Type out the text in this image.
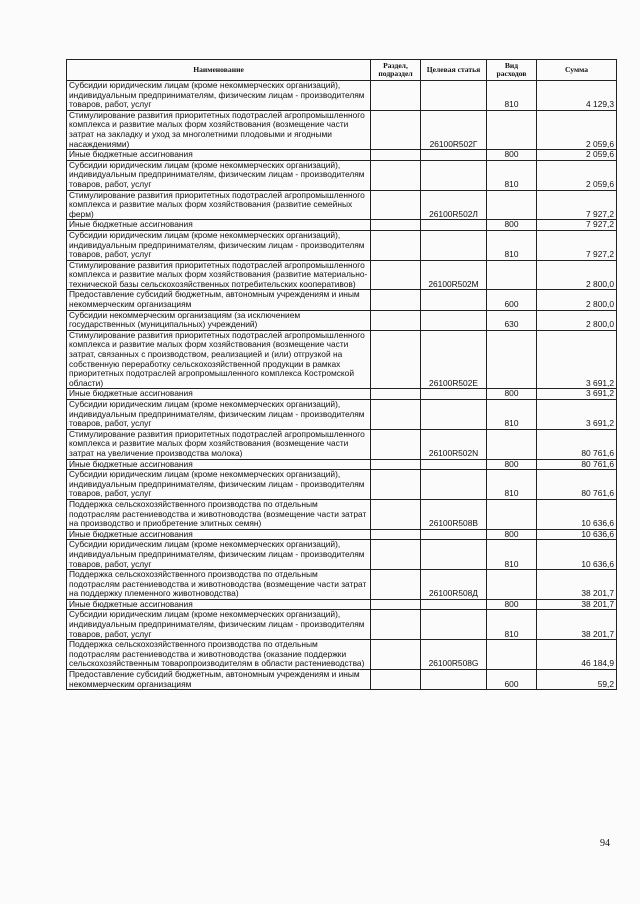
Наименование	Раздел, подраздел	Целевая статья	Вид расходов	Сумма
Субсидии юридическим лицам (кроме некоммерческих организаций), индивидуальным предпринимателям, физическим лицам - производителям товаров, работ, услуг			810	4 129,3
Стимулирование развития приоритетных подотраслей агропромышленного комплекса и развитие малых форм хозяйствования (возмещение части затрат на закладку и уход за многолетними плодовыми и ягодными насаждениями)		26100R502Г		2 059,6
Иные бюджетные ассигнования			800	2 059,6
Субсидии юридическим лицам (кроме некоммерческих организаций), индивидуальным предпринимателям, физическим лицам - производителям товаров, работ, услуг			810	2 059,6
Стимулирование развития приоритетных подотраслей агропромышленного комплекса и развитие малых форм хозяйствования (развитие семейных ферм)		26100R502Л		7 927,2
Иные бюджетные ассигнования			800	7 927,2
Субсидии юридическим лицам (кроме некоммерческих организаций), индивидуальным предпринимателям, физическим лицам - производителям товаров, работ, услуг			810	7 927,2
Стимулирование развития приоритетных подотраслей агропромышленного комплекса и развитие малых форм хозяйствования (развитие материально-технической базы сельскохозяйственных потребительских кооперативов)		26100R502М		2 800,0
Предоставление субсидий бюджетным, автономным учреждениям и иным некоммерческим организациям			600	2 800,0
Субсидии некоммерческим организациям (за исключением государственных (муниципальных) учреждений)			630	2 800,0
Стимулирование развития приоритетных подотраслей агропромышленного комплекса и развитие малых форм хозяйствования (возмещение части затрат, связанных с производством, реализацией и (или) отгрузкой на собственную переработку сельскохозяйственной продукции в рамках приоритетных подотраслей агропромышленного комплекса Костромской области)		26100R502Е		3 691,2
Иные бюджетные ассигнования			800	3 691,2
Субсидии юридическим лицам (кроме некоммерческих организаций), индивидуальным предпринимателям, физическим лицам - производителям товаров, работ, услуг			810	3 691,2
Стимулирование развития приоритетных подотраслей агропромышленного комплекса и развитие малых форм хозяйствования (возмещение части затрат на увеличение производства молока)		26100R502N		80 761,6
Иные бюджетные ассигнования			800	80 761,6
Субсидии юридическим лицам (кроме некоммерческих организаций), индивидуальным предпринимателям, физическим лицам - производителям товаров, работ, услуг			810	80 761,6
Поддержка сельскохозяйственного производства по отдельным подотраслям растениеводства и животноводства (возмещение части затрат на производство и приобретение элитных семян)		26100R508В		10 636,6
Иные бюджетные ассигнования			800	10 636,6
Субсидии юридическим лицам (кроме некоммерческих организаций), индивидуальным предпринимателям, физическим лицам - производителям товаров, работ, услуг			810	10 636,6
Поддержка сельскохозяйственного производства по отдельным подотраслям растениеводства и животноводства (возмещение части затрат на поддержку племенного животноводства)		26100R508Д		38 201,7
Иные бюджетные ассигнования			800	38 201,7
Субсидии юридическим лицам (кроме некоммерческих организаций), индивидуальным предпринимателям, физическим лицам - производителям товаров, работ, услуг			810	38 201,7
Поддержка сельскохозяйственного производства по отдельным подотраслям растениеводства и животноводства (оказание поддержки сельскохозяйственным товаропроизводителям в области растениеводства)		26100R508G		46 184,9
Предоставление субсидий бюджетным, автономным учреждениям и иным некоммерческим организациям			600	59,2
94
